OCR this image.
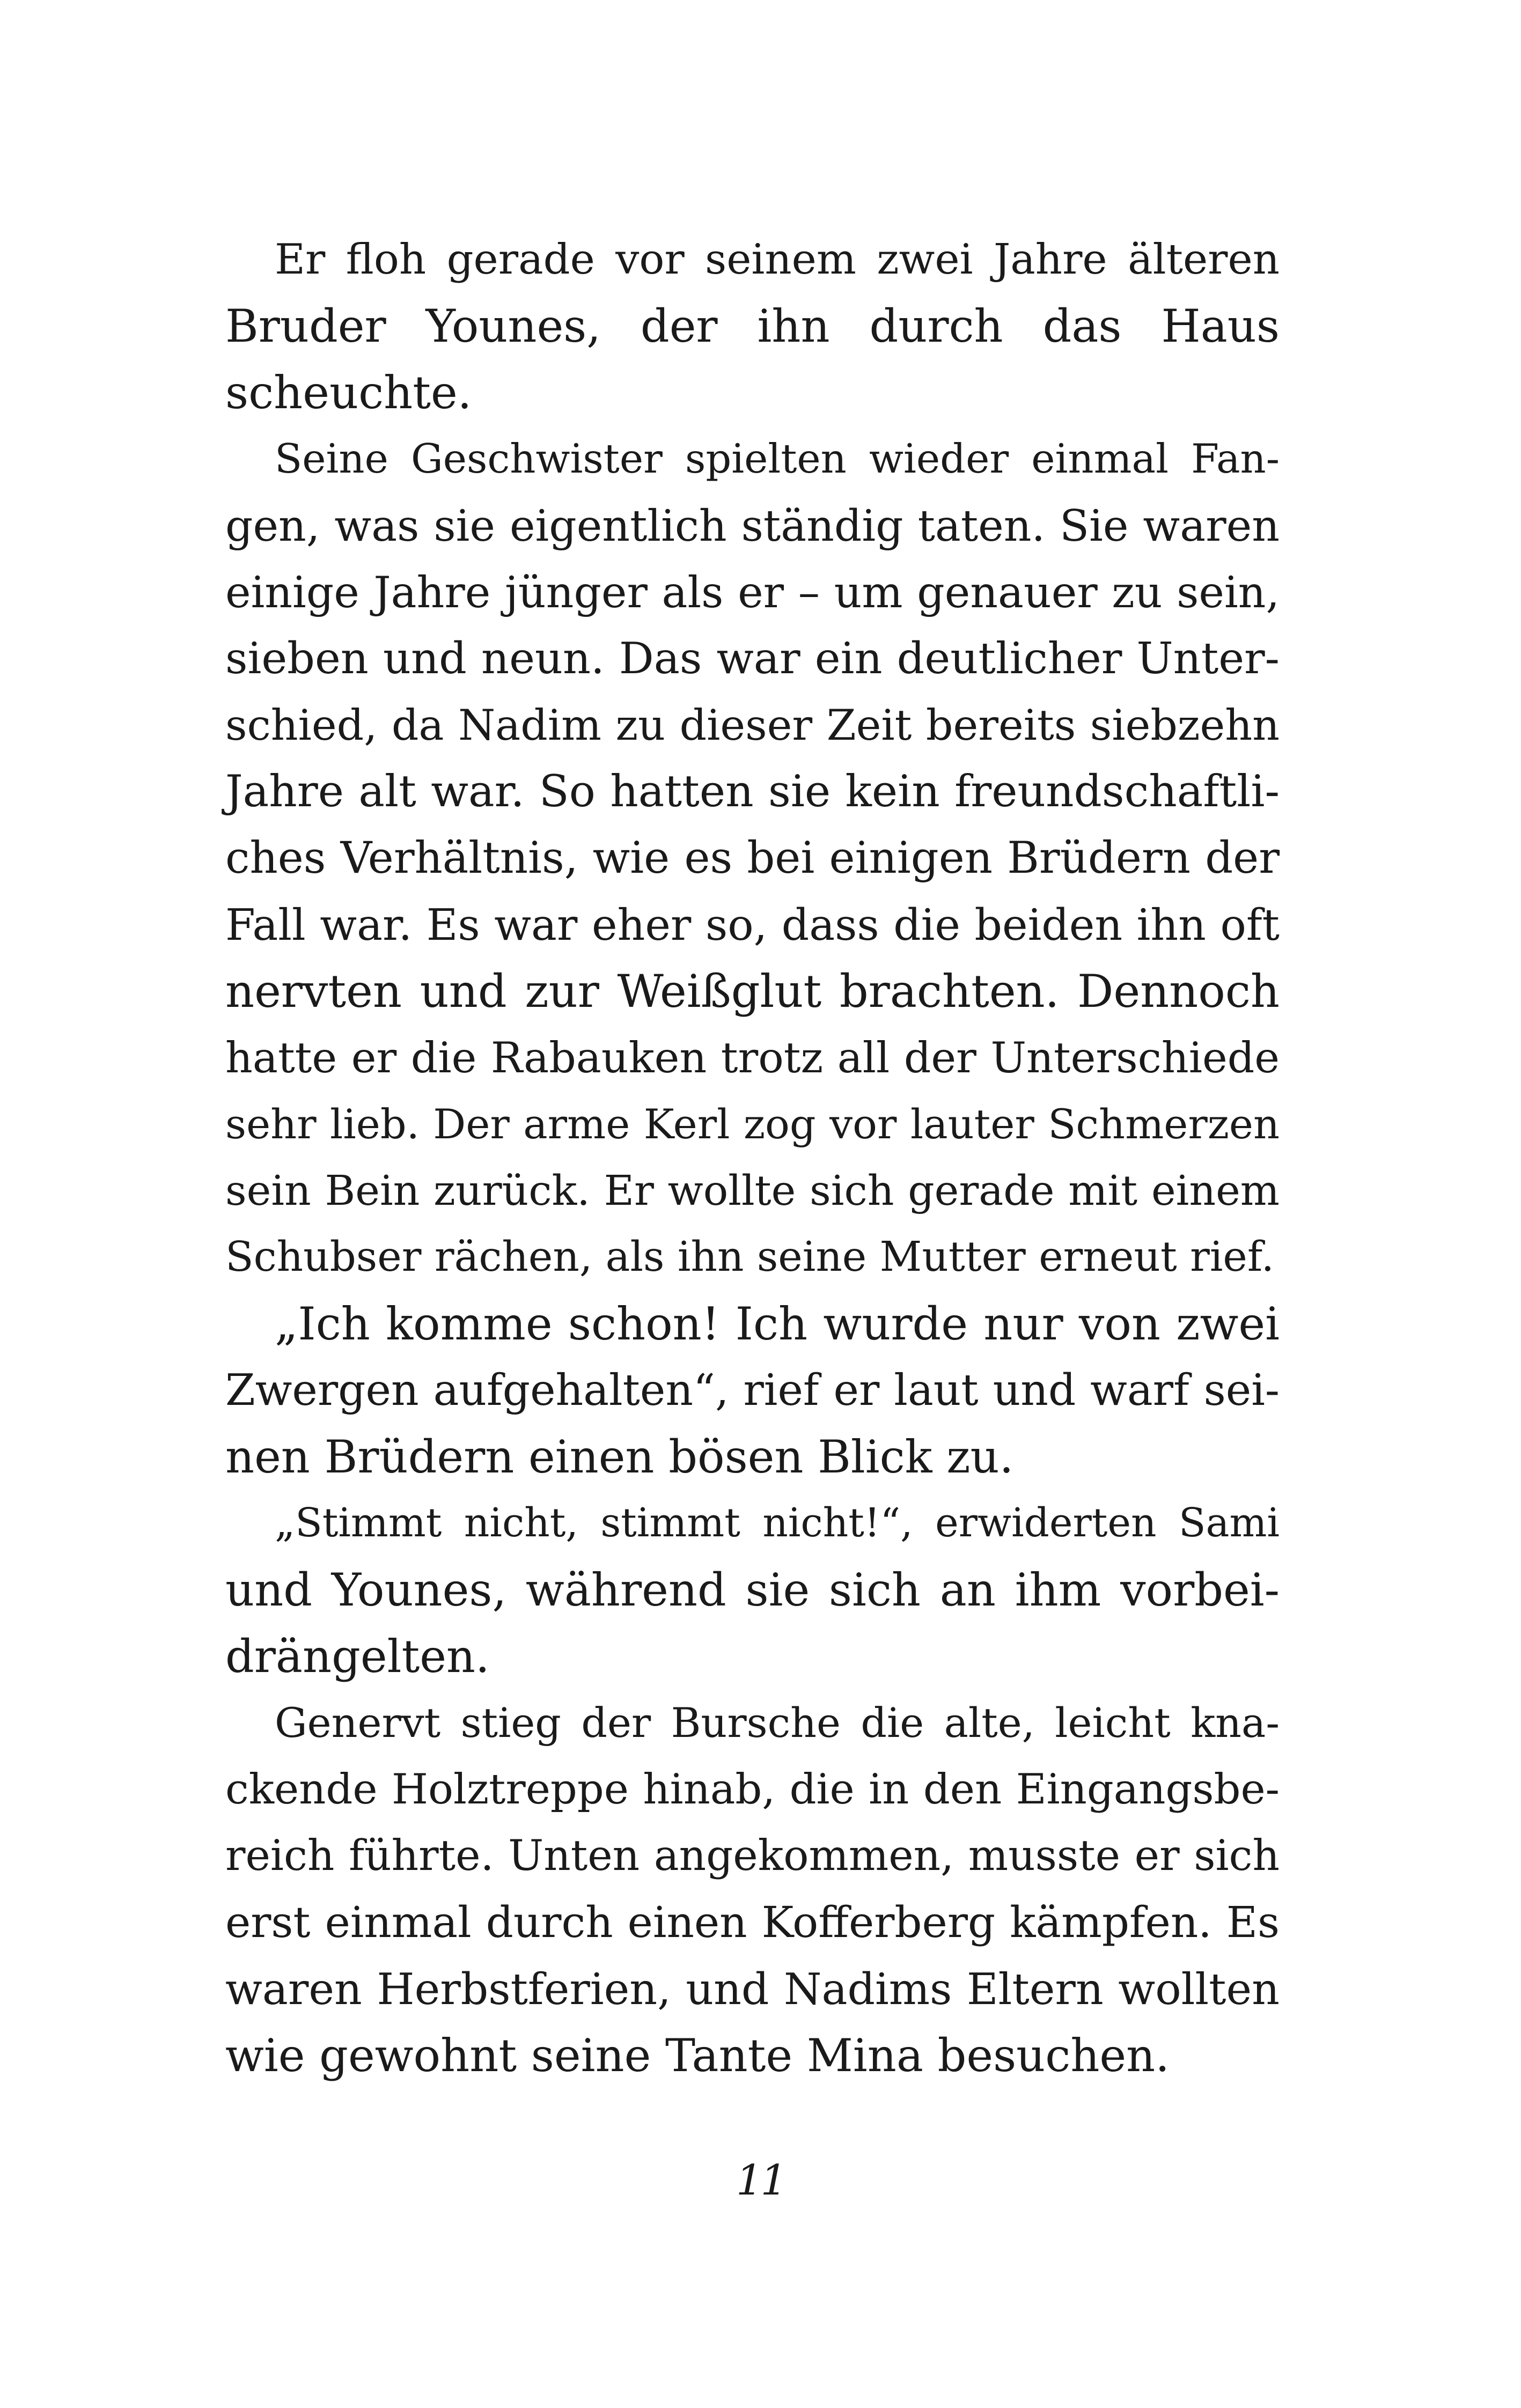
Er floh gerade vor seinem zwei Jahre älteren
Bruder Younes, der ihn durch das Haus
scheuchte.
Seine Geschwister spielten wieder einmal Fan-
gen, was sie eigentlich ständig taten. Sie waren
einige Jahre jünger als er – um genauer zu sein,
sieben und neun. Das war ein deutlicher Unter-
schied, da Nadim zu dieser Zeit bereits siebzehn
Jahre alt war. So hatten sie kein freundschaftli-
ches Verhältnis, wie es bei einigen Brüdern der
Fall war. Es war eher so, dass die beiden ihn oft
nervten und zur Weißglut brachten. Dennoch
hatte er die Rabauken trotz all der Unterschiede
sehr lieb. Der arme Kerl zog vor lauter Schmerzen
sein Bein zurück. Er wollte sich gerade mit einem
Schubser rächen, als ihn seine Mutter erneut rief.
„Ich komme schon! Ich wurde nur von zwei
Zwergen aufgehalten“, rief er laut und warf sei-
nen Brüdern einen bösen Blick zu.
„Stimmt nicht, stimmt nicht!“, erwiderten Sami
und Younes, während sie sich an ihm vorbei-
drängelten.
Genervt stieg der Bursche die alte, leicht kna-
ckende Holztreppe hinab, die in den Eingangsbe-
reich führte. Unten angekommen, musste er sich
erst einmal durch einen Kofferberg kämpfen. Es
waren Herbstferien, und Nadims Eltern wollten
wie gewohnt seine Tante Mina besuchen.
11
